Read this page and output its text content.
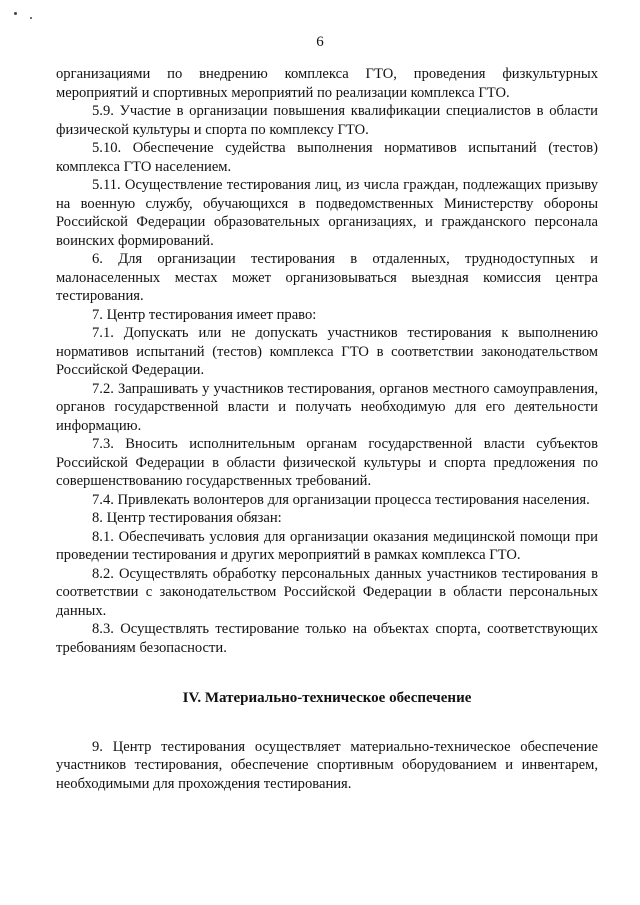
6

организациями по внедрению комплекса ГТО, проведения физкультурных мероприятий и спортивных мероприятий по реализации комплекса ГТО.

5.9. Участие в организации повышения квалификации специалистов в области физической культуры и спорта по комплексу ГТО.

5.10. Обеспечение судейства выполнения нормативов испытаний (тестов) комплекса ГТО населением.

5.11. Осуществление тестирования лиц, из числа граждан, подлежащих призыву на военную службу, обучающихся в подведомственных Министерству обороны Российской Федерации образовательных организациях, и гражданского персонала воинских формирований.

6. Для организации тестирования в отдаленных, труднодоступных и малонаселенных местах может организовываться выездная комиссия центра тестирования.

7. Центр тестирования имеет право:

7.1. Допускать или не допускать участников тестирования к выполнению нормативов испытаний (тестов) комплекса ГТО в соответствии законодательством Российской Федерации.

7.2. Запрашивать у участников тестирования, органов местного самоуправления, органов государственной власти и получать необходимую для его деятельности информацию.

7.3. Вносить исполнительным органам государственной власти субъектов Российской Федерации в области физической культуры и спорта предложения по совершенствованию государственных требований.

7.4. Привлекать волонтеров для организации процесса тестирования населения.

8. Центр тестирования обязан:

8.1. Обеспечивать условия для организации оказания медицинской помощи при проведении тестирования и других мероприятий в рамках комплекса ГТО.

8.2. Осуществлять обработку персональных данных участников тестирования в соответствии с законодательством Российской Федерации в области персональных данных.

8.3. Осуществлять тестирование только на объектах спорта, соответствующих требованиям безопасности.

IV. Материально-техническое обеспечение

9. Центр тестирования осуществляет материально-техническое обеспечение участников тестирования, обеспечение спортивным оборудованием и инвентарем, необходимыми для прохождения тестирования.
